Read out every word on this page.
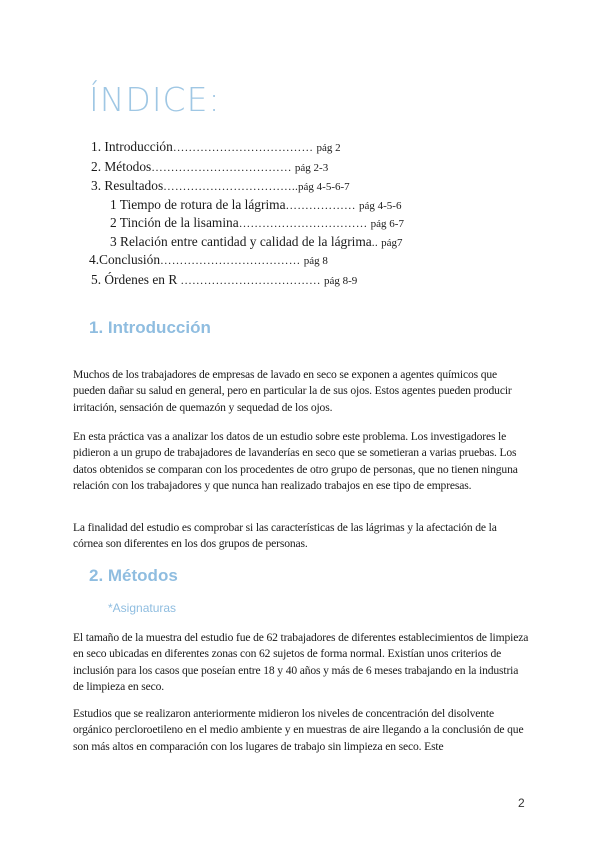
ÍNDICE:
1. Introducción……………………………… pág 2
2. Métodos……………………………… pág 2-3
3. Resultados……………………………..pág 4-5-6-7
1 Tiempo de rotura de la lágrima……………… pág 4-5-6
2 Tinción de la lisamina…………………………… pág 6-7
3 Relación entre cantidad y calidad de la lágrima.. pág7
4.Conclusión……………………………… pág 8
5. Órdenes en R ……………………………… pág 8-9
1. Introducción

Muchos de los trabajadores de empresas de lavado en seco se exponen a agentes químicos que pueden dañar su salud en general, pero en particular la de sus ojos. Estos agentes pueden producir irritación, sensación de quemazón y sequedad de los ojos.

En esta práctica vas a analizar los datos de un estudio sobre este problema. Los investigadores le pidieron a un grupo de trabajadores de lavanderías en seco que se sometieran a varias pruebas. Los datos obtenidos se comparan con los procedentes de otro grupo de personas, que no tienen ninguna relación con los trabajadores y que nunca han realizado trabajos en ese tipo de empresas.

La finalidad del estudio es comprobar si las características de las lágrimas y la afectación de la córnea son diferentes en los dos grupos de personas.

2. Métodos
*Asignaturas

El tamaño de la muestra del estudio fue de 62 trabajadores de diferentes establecimientos de limpieza en seco ubicadas en diferentes zonas con 62 sujetos de forma normal. Existían unos criterios de inclusión para los casos que poseían entre 18 y 40 años y más de 6 meses trabajando en la industria de limpieza en seco.

Estudios que se realizaron anteriormente midieron los niveles de concentración del disolvente orgánico percloroetileno en el medio ambiente y en muestras de aire llegando a la conclusión de que son más altos en comparación con los lugares de trabajo sin limpieza en seco. Este

2
